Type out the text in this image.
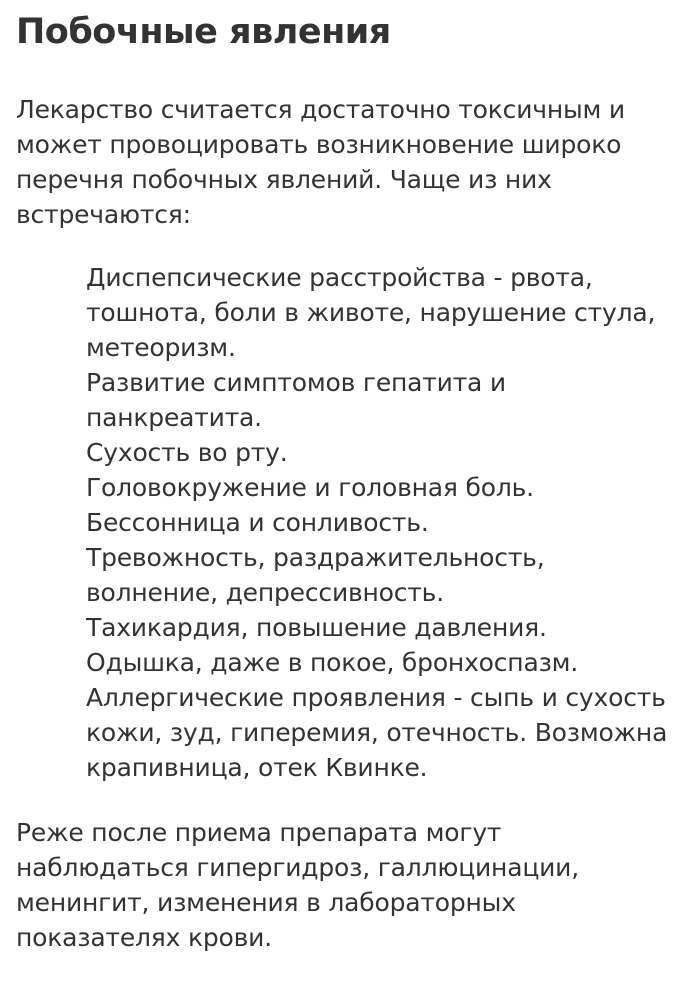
Побочные явления

Лекарство считается достаточно токсичным и может провоцировать возникновение широко перечня побочных явлений. Чаще из них встречаются:

Диспепсические расстройства - рвота, тошнота, боли в животе, нарушение стула, метеоризм.
Развитие симптомов гепатита и панкреатита.
Сухость во рту.
Головокружение и головная боль.
Бессонница и сонливость.
Тревожность, раздражительность, волнение, депрессивность.
Тахикардия, повышение давления.
Одышка, даже в покое, бронхоспазм.
Аллергические проявления - сыпь и сухость кожи, зуд, гиперемия, отечность. Возможна крапивница, отек Квинке.

Реже после приема препарата могут наблюдаться гипергидроз, галлюцинации, менингит, изменения в лабораторных показателях крови.
